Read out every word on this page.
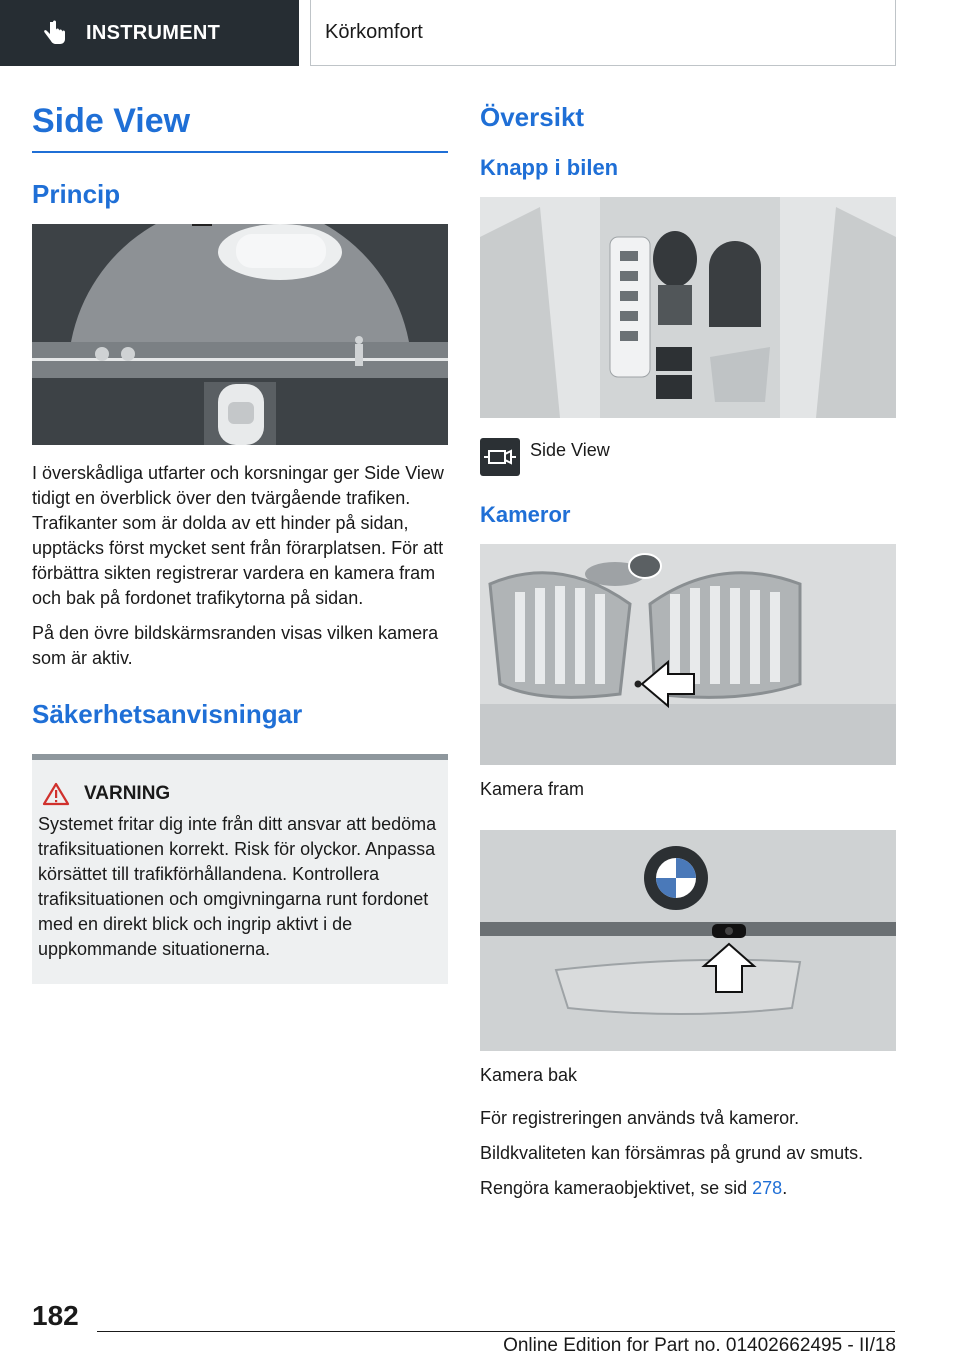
INSTRUMENT	Körkomfort
Side View
Princip

I överskådliga utfarter och korsningar ger Side View tidigt en överblick över den tvärgående trafiken. Trafikanter som är dolda av ett hinder på sidan, upptäcks först mycket sent från förarplatsen. För att förbättra sikten registrerar vardera en kamera fram och bak på fordonet trafikytorna på sidan.

På den övre bildskärmsranden visas vilken kamera som är aktiv.

Säkerhetsanvisningar
VARNING

Systemet fritar dig inte från ditt ansvar att bedöma trafiksituationen korrekt. Risk för olyckor. Anpassa körsättet till trafikförhållandena. Kontrollera trafiksituationen och omgivningarna runt fordonet med en direkt blick och ingrip aktivt i de uppkommande situationerna.

Översikt
Knapp i bilen
Side View
Kameror
Kamera fram
Kamera bak

För registreringen används två kameror.

Bildkvaliteten kan försämras på grund av smuts.

Rengöra kameraobjektivet, se sid 278.

182
Online Edition for Part no. 01402662495 - II/18
